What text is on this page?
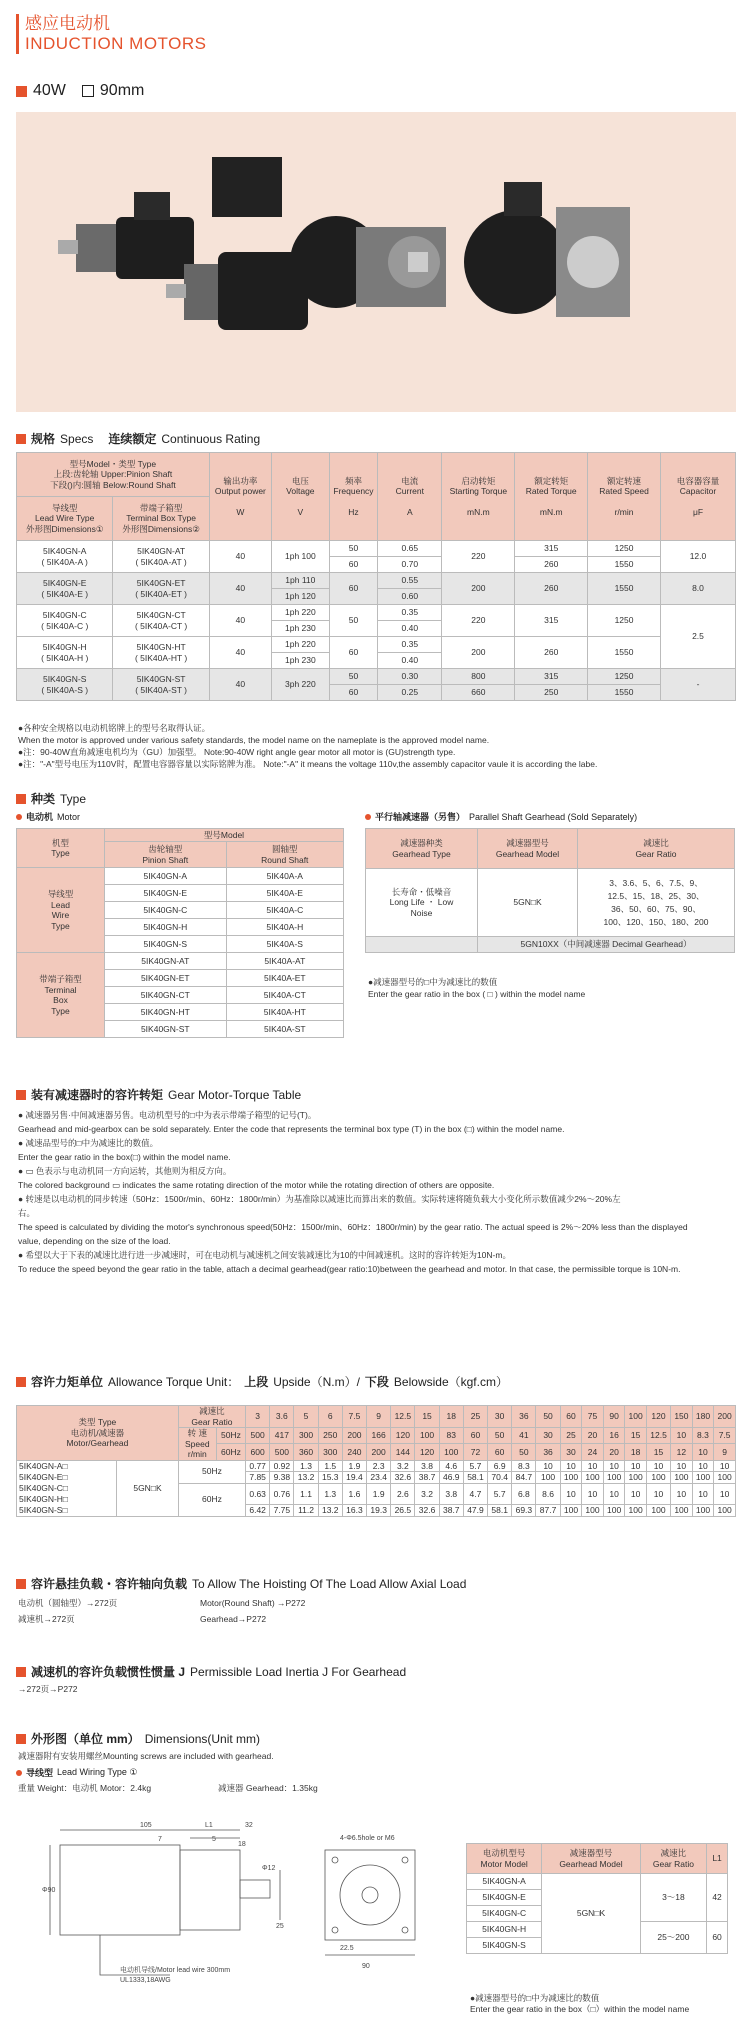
感应电动机
INDUCTION MOTORS
40W 90mm
规格 Specs 连续额定 Continuous Rating
型号Model・类型 Type
上段:齿轮轴 Upper:Pinion Shaft
下段()内:圆轴 Below:Round Shaft		输出功率
Output power

W	电压
Voltage

V	频率
Frequency

Hz	电流
Current

A	启动转矩
Starting Torque

mN.m	额定转矩
Rated Torque

mN.m	额定转速
Rated Speed

r/min	电容器容量
Capacitor

μF
导线型
Lead Wire Type
外形图Dimensions①	带端子箱型
Terminal Box Type
外形图Dimensions②								
5IK40GN-A
( 5IK40A-A )	5IK40GN-AT
( 5IK40A-AT )	40	1ph 100	50	0.65	220	315	1250	12.0
				60	0.70		260	1550	
5IK40GN-E
( 5IK40A-E )	5IK40GN-ET
( 5IK40A-ET )	40	1ph 110	60	0.55	200	260	1550	8.0
			1ph 120		0.60				
5IK40GN-C
( 5IK40A-C )	5IK40GN-CT
( 5IK40A-CT )	40	1ph 220	50	0.35	220	315	1250	2.5
			1ph 230		0.40				
5IK40GN-H
( 5IK40A-H )	5IK40GN-HT
( 5IK40A-HT )	40	1ph 220	60	0.35	200	260	1550	
			1ph 230		0.40				
5IK40GN-S
( 5IK40A-S )	5IK40GN-ST
( 5IK40A-ST )	40	3ph 220	50	0.30	800	315	1250	-
				60	0.25	660	250	1550	
●各种安全规格以电动机铭牌上的型号名取得认证。
When the motor is approved under various safety standards, the model name on the nameplate is the approved model name.
●注：90-40W直角减速电机均为（GU）加强型。 Note:90-40W right angle gear motor all motor is (GU)strength type.
●注："-A"型号电压为110V时，配置电容器容量以实际铭牌为准。 Note:"-A" it means the voltage 110v,the assembly capacitor vaule it is according the labe.
种类 Type
电动机 Motor	平行轴减速器（另售） Parallel Shaft Gearhead (Sold Separately)
机型
Type	型号Model	
	齿轮轴型
Pinion Shaft	圆轴型
Round Shaft
导线型
Lead
Wire
Type	5IK40GN-A	5IK40A-A
	5IK40GN-E	5IK40A-E
	5IK40GN-C	5IK40A-C
	5IK40GN-H	5IK40A-H
	5IK40GN-S	5IK40A-S
带端子箱型
Terminal
Box
Type	5IK40GN-AT	5IK40A-AT
	5IK40GN-ET	5IK40A-ET
	5IK40GN-CT	5IK40A-CT
	5IK40GN-HT	5IK40A-HT
	5IK40GN-ST	5IK40A-ST
减速器种类
Gearhead Type	减速器型号
Gearhead Model	减速比
Gear Ratio
长寿命・低噪音
Long Life ・ Low
Noise	5GN□K	3、3.6、5、6、7.5、9、
12.5、15、18、25、30、
36、50、60、75、90、
100、120、150、180、200
	5GN10XX（中间减速器 Decimal Gearhead）	
●减速器型号的□中为减速比的数值
Enter the gear ratio in the box ( □ ) within the model name
装有减速器时的容许转矩 Gear Motor-Torque Table
● 减速器另售·中间减速器另售。电动机型号的□中为表示带端子箱型的记号(T)。
Gearhead and mid-gearbox can be sold separately. Enter the code that represents the terminal box type (T) in the box (□) within the model name.
● 减速品型号的□中为减速比的数值。
Enter the gear ratio in the box(□) within the model name.
● ▭ 色表示与电动机同一方向运转，其他则为相反方向。
The colored background ▭ indicates the same rotating direction of the motor while the rotating direction of others are opposite.
● 转速是以电动机的同步转速（50Hz：1500r/min、60Hz：1800r/min）为基准除以减速比而算出来的数值。实际转速将随负载大小变化所示数值减少2%～20%左
右。
The speed is calculated by dividing the motor's synchronous speed(50Hz：1500r/min、60Hz：1800r/min) by the gear ratio. The actual speed is 2%～20% less than the displayed
value, depending on the size of the load.
● 希望以大于下表的减速比进行进一步减速时，可在电动机与减速机之间安装减速比为10的中间减速机。这时的容许转矩为10N-m。
To reduce the speed beyond the gear ratio in the table, attach a decimal gearhead(gear ratio:10)between the gearhead and motor. In that case, the permissible torque is 10N-m.
容许力矩单位 Allowance Torque Unit： 上段 Upside（N.m）/ 下段 Belowside（kgf.cm）
类型 Type
电动机/减速器
Motor/Gearhead		减速比
Gear Ratio		3	3.6	5	6	7.5	9	12.5	15	18	25	30	36	50	60	75	90	100	120	150	180	200
		转 速
Speed r/min	50Hz	500	417	300	250	200	166	120	100	83	60	50	41	30	25	20	16	15	12.5	10	8.3	7.5
			60Hz	600	500	360	300	240	200	144	120	100	72	60	50	36	30	24	20	18	15	12	10	9
5IK40GN-A□
5IK40GN-E□
5IK40GN-C□
5IK40GN-H□
5IK40GN-S□	5GN□K	50Hz		0.77	0.92	1.3	1.5	1.9	2.3	3.2	3.8	4.6	5.7	6.9	8.3	10	10	10	10	10	10	10	10	10
				7.85	9.38	13.2	15.3	19.4	23.4	32.6	38.7	46.9	58.1	70.4	84.7	100	100	100	100	100	100	100	100	100
		60Hz		0.63	0.76	1.1	1.3	1.6	1.9	2.6	3.2	3.8	4.7	5.7	6.8	8.6	10	10	10	10	10	10	10	10
				6.42	7.75	11.2	13.2	16.3	19.3	26.5	32.6	38.7	47.9	58.1	69.3	87.7	100	100	100	100	100	100	100	100
容许悬挂负载・容许轴向负载 To Allow The Hoisting Of The Load Allow Axial Load
电动机（圆轴型）→272页
减速机→272页
Motor(Round Shaft) →P272
Gearhead→P272
减速机的容许负载惯性惯量 J Permissible Load Inertia J For Gearhead
→272页→P272
外形图（单位 mm） Dimensions(Unit mm)
减速器附有安装用螺丝Mounting screws are included with gearhead.
导线型 Lead Wiring Type ①
重量 Weight：电动机 Motor：2.4kg	减速器 Gearhead：1.35kg
105	L1	32
7	5
18
Φ90
Φ12
25
4-Φ6.5hole or M6
22.5
90
电动机导线/Motor lead wire 300mm
UL1333,18AWG
电动机型号
Motor Model	减速器型号
Gearhead Model	减速比
Gear Ratio	L1
5IK40GN-A	5GN□K	3～18	42
5IK40GN-E			
5IK40GN-C			
5IK40GN-H		25～200	60
5IK40GN-S			
●减速器型号的□中为减速比的数值
Enter the gear ratio in the box（□）within the model name
